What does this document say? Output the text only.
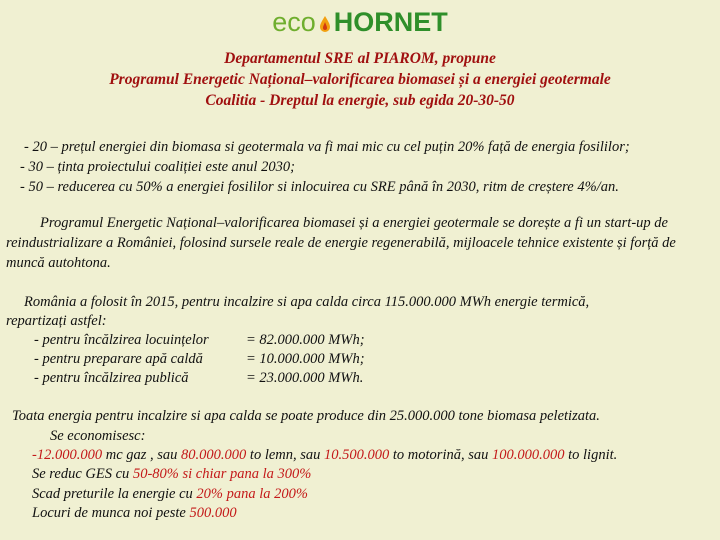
eco HORNET
Departamentul SRE al PIAROM, propune
Programul Energetic Național–valorificarea biomasei și a energiei geotermale
Coalitia - Dreptul la energie, sub egida 20-30-50
- 20 – prețul energiei din biomasa si geotermala va fi mai mic cu cel puțin 20% față de energia fosililor;
- 30 – ținta proiectului coaliției este anul 2030;
- 50 – reducerea cu 50% a energiei fosililor si inlocuirea cu SRE până în 2030, ritm de creștere 4%/an.
Programul Energetic Național–valorificarea biomasei și a energiei geotermale se dorește a fi un start-up de reindustrializare a României, folosind sursele reale de energie regenerabilă, mijloacele tehnice existente și forță de muncă autohtona.
România a folosit în 2015, pentru incalzire si apa calda circa 115.000.000 MWh energie termică,
repartizați astfel:
- pentru încălzirea locuințelor	= 82.000.000 MWh;
- pentru preparare apă caldă	= 10.000.000 MWh;
- pentru încălzirea publică	= 23.000.000 MWh.
Toata energia pentru incalzire si apa calda se poate produce din 25.000.000 tone biomasa peletizata.
Se economisesc:
-12.000.000 mc gaz , sau 80.000.000 to lemn, sau 10.500.000 to motorină, sau 100.000.000 to lignit.
Se reduc GES cu 50-80% si chiar pana la 300%
Scad preturile la energie cu 20% pana la 200%
Locuri de munca noi peste 500.000
